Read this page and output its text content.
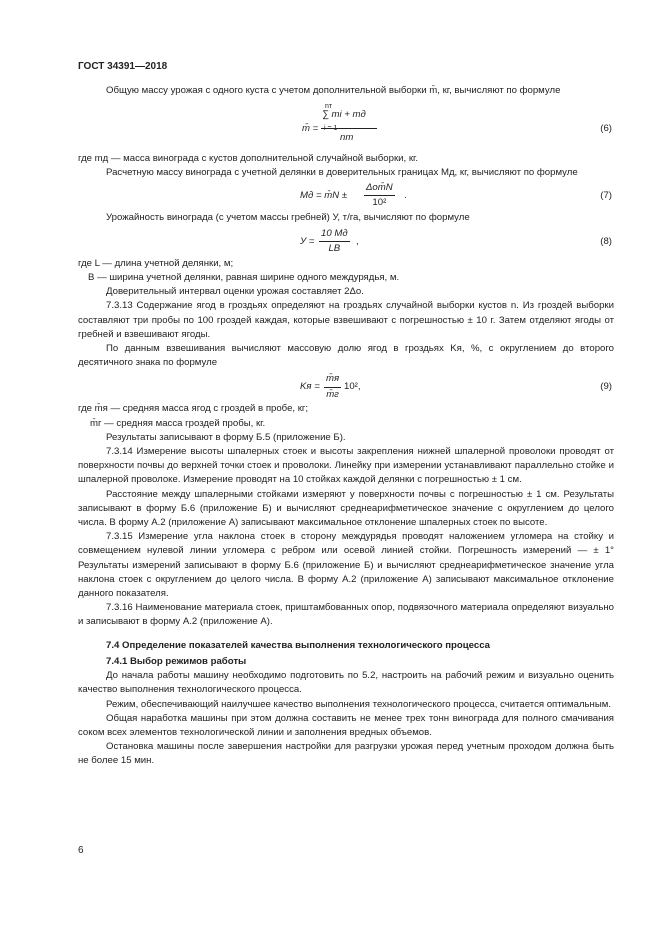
ГОСТ 34391—2018

Общую массу урожая с одного куста с учетом дополнительной выборки m̄, кг, вычисляют по формуле

m̄ =
nт
∑ mi + mд
i = 1
nт
(6)

где mд — масса винограда с кустов дополнительной случайной выборки, кг.

Расчетную массу винограда с учетной делянки в доверительных границах Mд, кг, вычисляют по формуле

Mд = m̄N ±
Δоm̄N
10²
.	(7)

Урожайность винограда (с учетом массы гребней) У, т/га, вычисляют по формуле

У =
10 Mд
LB
,	(8)

где L — длина учетной делянки, м;

B — ширина учетной делянки, равная ширине одного междурядья, м.

Доверительный интервал оценки урожая составляет 2Δо.

7.3.13 Содержание ягод в гроздьях определяют на гроздьях случайной выборки кустов n. Из гроздей выборки составляют три пробы по 100 гроздей каждая, которые взвешивают с погрешностью ± 10 г. Затем отделяют ягоды от гребней и взвешивают ягоды.

По данным взвешивания вычисляют массовую долю ягод в гроздьях Kя, %, с округлением до второго десятичного знака по формуле

Kя =
m̄я
m̄г
10²,	(9)

где m̄я — средняя масса ягод с гроздей в пробе, кг;

m̄г — средняя масса гроздей пробы, кг.

Результаты записывают в форму Б.5 (приложение Б).

7.3.14 Измерение высоты шпалерных стоек и высоты закрепления нижней шпалерной проволоки проводят от поверхности почвы до верхней точки стоек и проволоки. Линейку при измерении устанавливают параллельно стойке и шпалерной проволоке. Измерение проводят на 10 стойках каждой делянки с погрешностью ± 1 см.

Расстояние между шпалерными стойками измеряют у поверхности почвы с погрешностью ± 1 см. Результаты записывают в форму Б.6 (приложение Б) и вычисляют среднеарифметическое значение с округлением до целого числа. В форму А.2 (приложение А) записывают максимальное отклонение шпалерных стоек по высоте.

7.3.15 Измерение угла наклона стоек в сторону междурядья проводят наложением угломера на стойку и совмещением нулевой линии угломера с ребром или осевой линией стойки. Погрешность измерений — ± 1° Результаты измерений записывают в форму Б.6 (приложение Б) и вычисляют среднеарифметическое значение угла наклона стоек с округлением до целого числа. В форму А.2 (приложение А) записывают максимальное отклонение данного показателя.

7.3.16 Наименование материала стоек, приштамбованных опор, подвязочного материала определяют визуально и записывают в форму А.2 (приложение А).

7.4 Определение показателей качества выполнения технологического процесса

7.4.1 Выбор режимов работы

До начала работы машину необходимо подготовить по 5.2, настроить на рабочий режим и визуально оценить качество выполнения технологического процесса.

Режим, обеспечивающий наилучшее качество выполнения технологического процесса, считается оптимальным.

Общая наработка машины при этом должна составить не менее трех тонн винограда для полного смачивания соком всех элементов технологической линии и заполнения вредных объемов.

Остановка машины после завершения настройки для разгрузки урожая перед учетным проходом должна быть не более 15 мин.

6
